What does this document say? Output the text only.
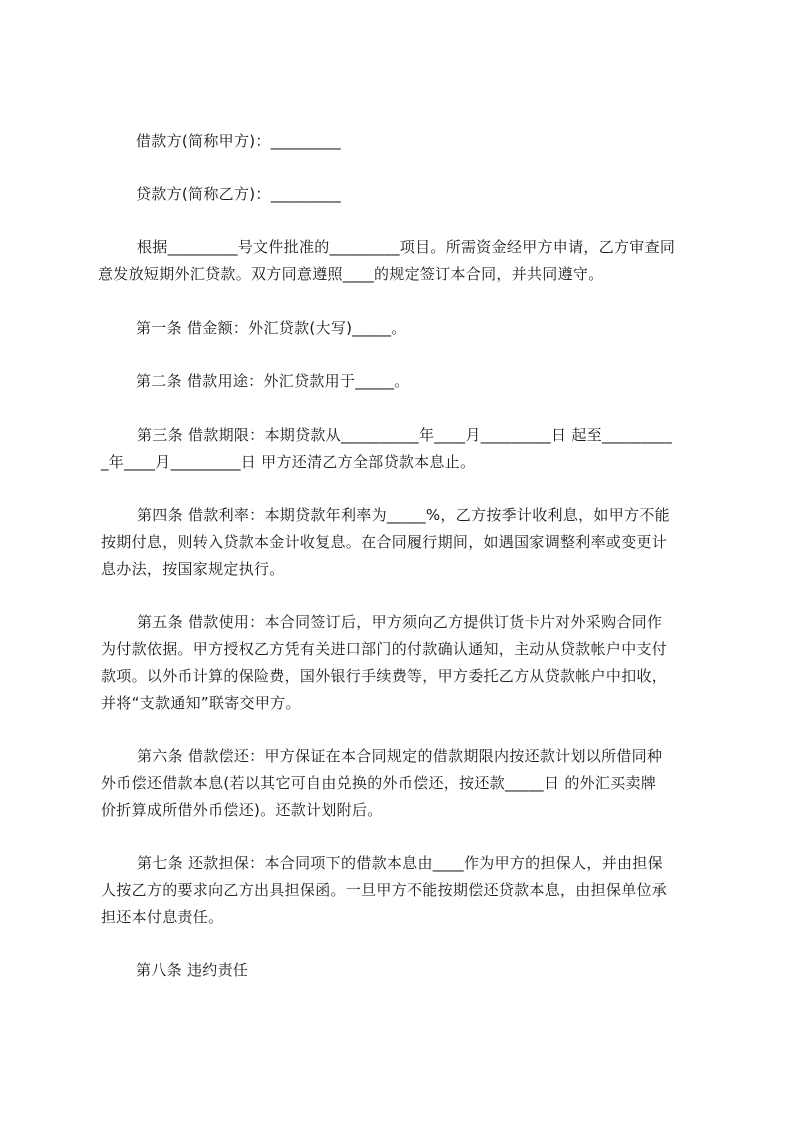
借款方(简称甲方)：_________

贷款方(简称乙方)：_________

根据_________号文件批准的_________项目。所需资金经甲方申请，乙方审查同

意发放短期外汇贷款。双方同意遵照____的规定签订本合同，并共同遵守。

第一条 借金额：外汇贷款(大写)_____。

第二条 借款用途：外汇贷款用于_____。

第三条 借款期限：本期贷款从__________年____月_________日 起至_________

_年____月_________日 甲方还清乙方全部贷款本息止。

第四条 借款利率：本期贷款年利率为_____%，乙方按季计收利息，如甲方不能

按期付息，则转入贷款本金计收复息。在合同履行期间，如遇国家调整利率或变更计

息办法，按国家规定执行。

第五条 借款使用：本合同签订后，甲方须向乙方提供订货卡片对外采购合同作

为付款依据。甲方授权乙方凭有关进口部门的付款确认通知，主动从贷款帐户中支付

款项。以外币计算的保险费，国外银行手续费等，甲方委托乙方从贷款帐户中扣收，

并将“支款通知”联寄交甲方。

第六条 借款偿还：甲方保证在本合同规定的借款期限内按还款计划以所借同种

外币偿还借款本息(若以其它可自由兑换的外币偿还，按还款_____日 的外汇买卖牌

价折算成所借外币偿还)。还款计划附后。

第七条 还款担保：本合同项下的借款本息由____作为甲方的担保人，并由担保

人按乙方的要求向乙方出具担保函。一旦甲方不能按期偿还贷款本息，由担保单位承

担还本付息责任。

第八条 违约责任
